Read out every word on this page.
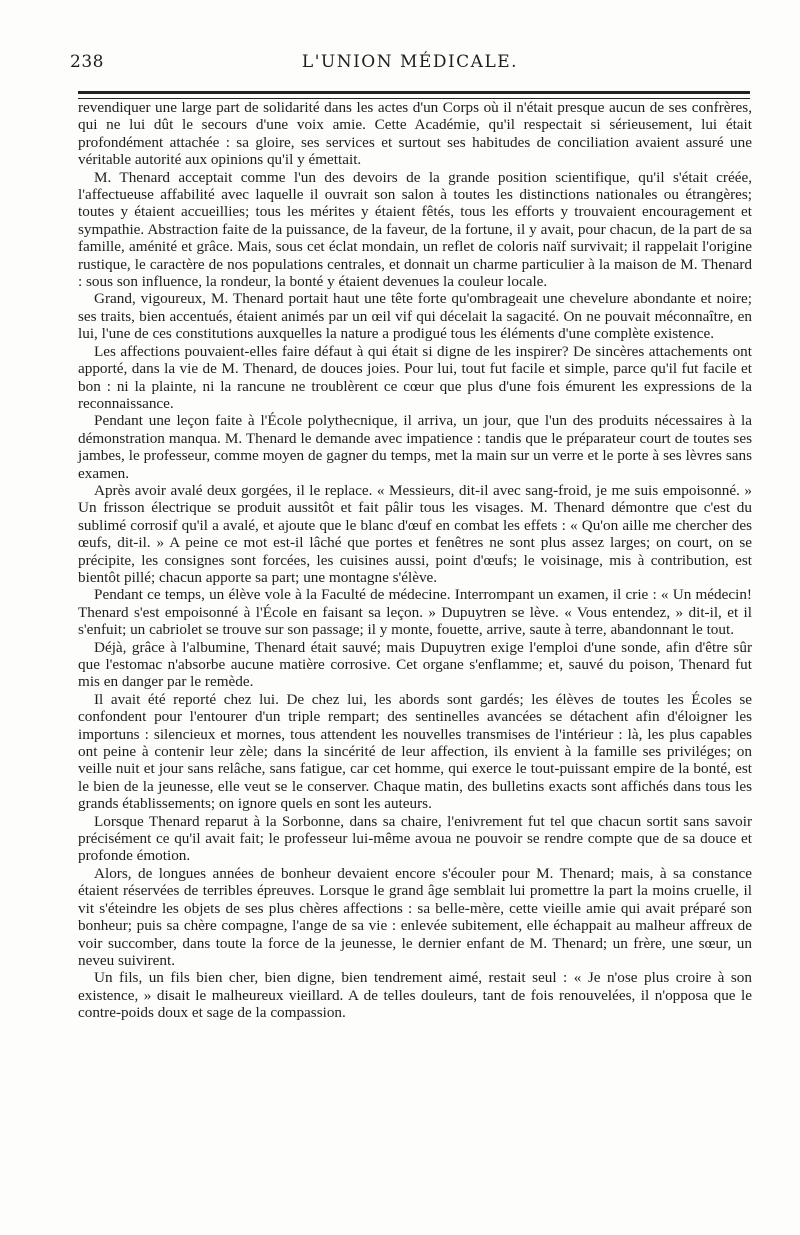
238	L'UNION MÉDICALE.

revendiquer une large part de solidarité dans les actes d'un Corps où il n'était presque aucun de ses confrères, qui ne lui dût le secours d'une voix amie. Cette Académie, qu'il respectait si sérieusement, lui était profondément attachée : sa gloire, ses services et surtout ses habitudes de conciliation avaient assuré une véritable autorité aux opinions qu'il y émettait.

M. Thenard acceptait comme l'un des devoirs de la grande position scientifique, qu'il s'était créée, l'affectueuse affabilité avec laquelle il ouvrait son salon à toutes les distinctions nationales ou étrangères; toutes y étaient accueillies; tous les mérites y étaient fêtés, tous les efforts y trouvaient encouragement et sympathie. Abstraction faite de la puissance, de la faveur, de la fortune, il y avait, pour chacun, de la part de sa famille, aménité et grâce. Mais, sous cet éclat mondain, un reflet de coloris naïf survivait; il rappelait l'origine rustique, le caractère de nos populations centrales, et donnait un charme particulier à la maison de M. Thenard : sous son influence, la rondeur, la bonté y étaient devenues la couleur locale.

Grand, vigoureux, M. Thenard portait haut une tête forte qu'ombrageait une chevelure abondante et noire; ses traits, bien accentués, étaient animés par un œil vif qui décelait la sagacité. On ne pouvait méconnaître, en lui, l'une de ces constitutions auxquelles la nature a prodigué tous les éléments d'une complète existence.

Les affections pouvaient-elles faire défaut à qui était si digne de les inspirer? De sincères attachements ont apporté, dans la vie de M. Thenard, de douces joies. Pour lui, tout fut facile et simple, parce qu'il fut facile et bon : ni la plainte, ni la rancune ne troublèrent ce cœur que plus d'une fois émurent les expressions de la reconnaissance.

Pendant une leçon faite à l'École polythecnique, il arriva, un jour, que l'un des produits nécessaires à la démonstration manqua. M. Thenard le demande avec impatience : tandis que le préparateur court de toutes ses jambes, le professeur, comme moyen de gagner du temps, met la main sur un verre et le porte à ses lèvres sans examen.

Après avoir avalé deux gorgées, il le replace. « Messieurs, dit-il avec sang-froid, je me suis empoisonné. » Un frisson électrique se produit aussitôt et fait pâlir tous les visages. M. Thenard démontre que c'est du sublimé corrosif qu'il a avalé, et ajoute que le blanc d'œuf en combat les effets : « Qu'on aille me chercher des œufs, dit-il. » A peine ce mot est-il lâché que portes et fenêtres ne sont plus assez larges; on court, on se précipite, les consignes sont forcées, les cuisines aussi, point d'œufs; le voisinage, mis à contribution, est bientôt pillé; chacun apporte sa part; une montagne s'élève.

Pendant ce temps, un élève vole à la Faculté de médecine. Interrompant un examen, il crie : « Un médecin! Thenard s'est empoisonné à l'École en faisant sa leçon. » Dupuytren se lève. « Vous entendez, » dit-il, et il s'enfuit; un cabriolet se trouve sur son passage; il y monte, fouette, arrive, saute à terre, abandonnant le tout.

Déjà, grâce à l'albumine, Thenard était sauvé; mais Dupuytren exige l'emploi d'une sonde, afin d'être sûr que l'estomac n'absorbe aucune matière corrosive. Cet organe s'enflamme; et, sauvé du poison, Thenard fut mis en danger par le remède.

Il avait été reporté chez lui. De chez lui, les abords sont gardés; les élèves de toutes les Écoles se confondent pour l'entourer d'un triple rempart; des sentinelles avancées se détachent afin d'éloigner les importuns : silencieux et mornes, tous attendent les nouvelles transmises de l'intérieur : là, les plus capables ont peine à contenir leur zèle; dans la sincérité de leur affection, ils envient à la famille ses priviléges; on veille nuit et jour sans relâche, sans fatigue, car cet homme, qui exerce le tout-puissant empire de la bonté, est le bien de la jeunesse, elle veut se le conserver. Chaque matin, des bulletins exacts sont affichés dans tous les grands établissements; on ignore quels en sont les auteurs.

Lorsque Thenard reparut à la Sorbonne, dans sa chaire, l'enivrement fut tel que chacun sortit sans savoir précisément ce qu'il avait fait; le professeur lui-même avoua ne pouvoir se rendre compte que de sa douce et profonde émotion.

Alors, de longues années de bonheur devaient encore s'écouler pour M. Thenard; mais, à sa constance étaient réservées de terribles épreuves. Lorsque le grand âge semblait lui promettre la part la moins cruelle, il vit s'éteindre les objets de ses plus chères affections : sa belle-mère, cette vieille amie qui avait préparé son bonheur; puis sa chère compagne, l'ange de sa vie : enlevée subitement, elle échappait au malheur affreux de voir succomber, dans toute la force de la jeunesse, le dernier enfant de M. Thenard; un frère, une sœur, un neveu suivirent.

Un fils, un fils bien cher, bien digne, bien tendrement aimé, restait seul : « Je n'ose plus croire à son existence, » disait le malheureux vieillard. A de telles douleurs, tant de fois renouvelées, il n'opposa que le contre-poids doux et sage de la compassion.
